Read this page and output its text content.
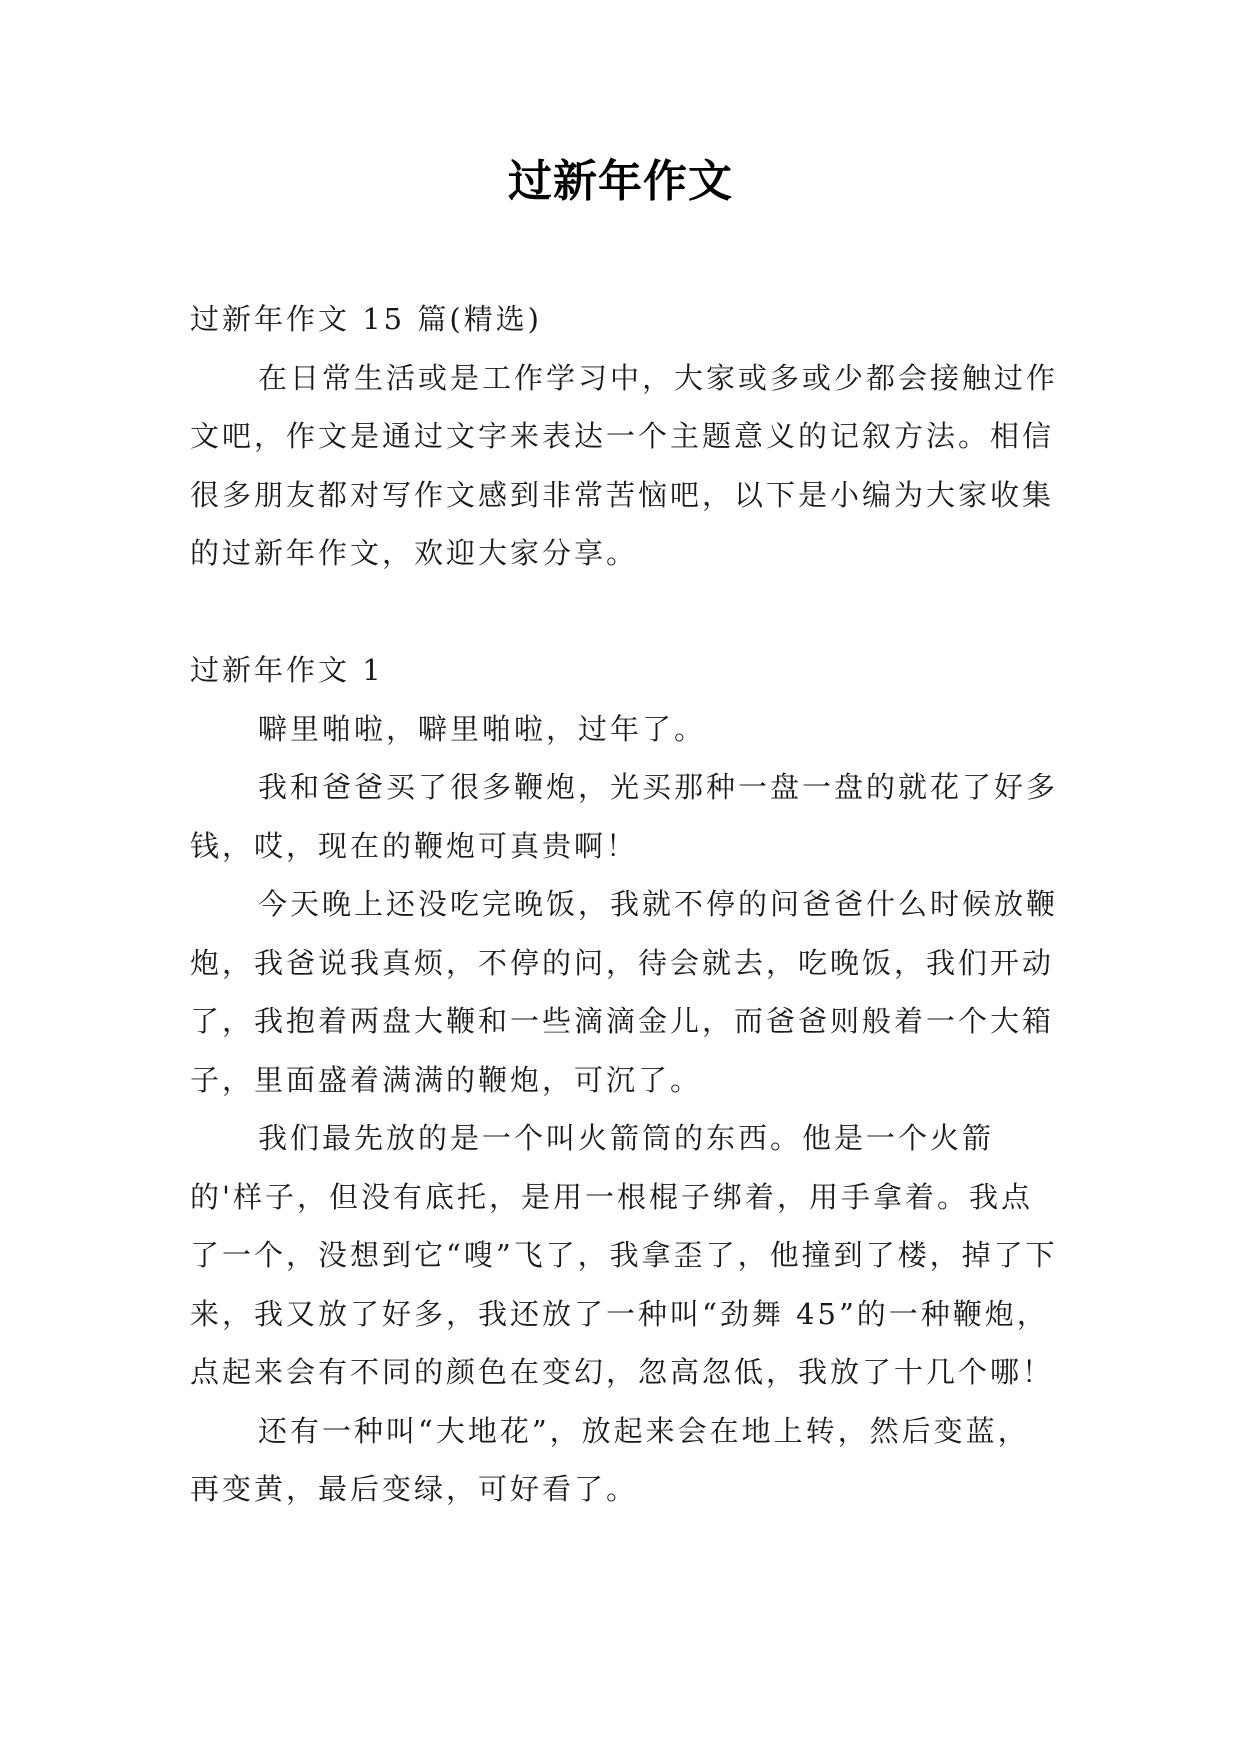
过新年作文

过新年作文 15 篇(精选)

在日常生活或是工作学习中，大家或多或少都会接触过作文吧，作文是通过文字来表达一个主题意义的记叙方法。相信很多朋友都对写作文感到非常苦恼吧，以下是小编为大家收集的过新年作文，欢迎大家分享。

过新年作文 1

噼里啪啦，噼里啪啦，过年了。

我和爸爸买了很多鞭炮，光买那种一盘一盘的就花了好多钱，哎，现在的鞭炮可真贵啊！

今天晚上还没吃完晚饭，我就不停的问爸爸什么时候放鞭炮，我爸说我真烦，不停的问，待会就去，吃晚饭，我们开动了，我抱着两盘大鞭和一些滴滴金儿，而爸爸则般着一个大箱子，里面盛着满满的鞭炮，可沉了。

我们最先放的是一个叫火箭筒的东西。他是一个火箭的'样子，但没有底托，是用一根棍子绑着，用手拿着。我点了一个，没想到它“嗖”飞了，我拿歪了，他撞到了楼，掉了下来，我又放了好多，我还放了一种叫“劲舞 45”的一种鞭炮，点起来会有不同的颜色在变幻，忽高忽低，我放了十几个哪！

还有一种叫“大地花”，放起来会在地上转，然后变蓝，再变黄，最后变绿，可好看了。
